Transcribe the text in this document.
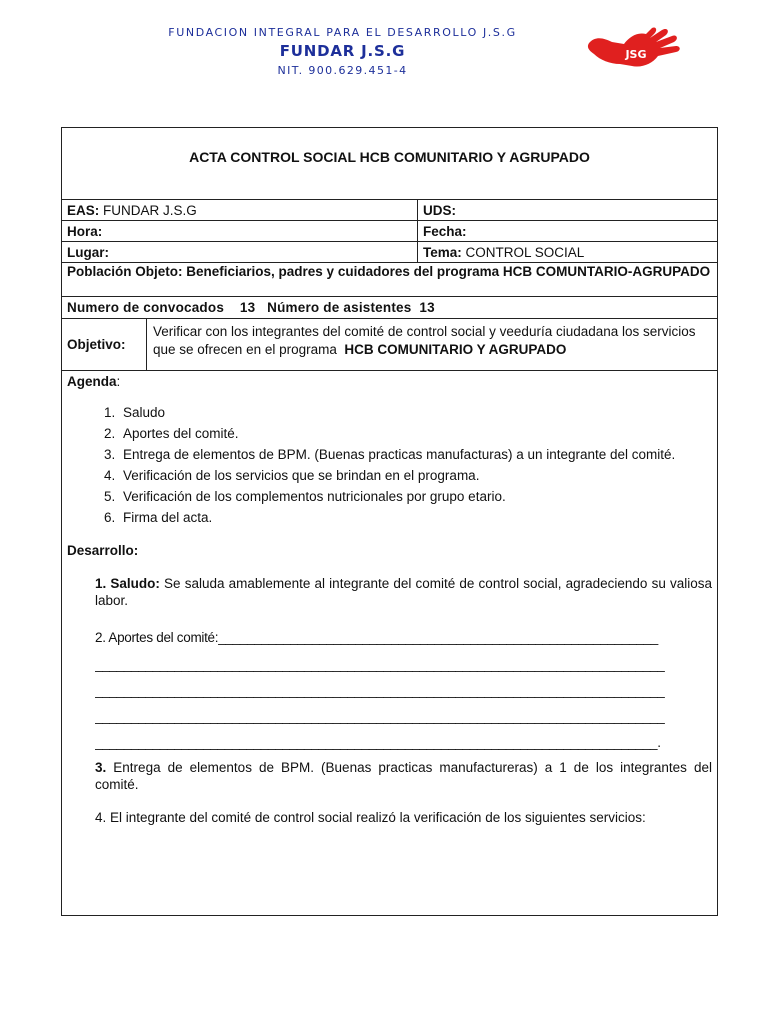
FUNDACION INTEGRAL PARA EL DESARROLLO J.S.G
FUNDAR J.S.G
NIT. 900.629.451-4
JSG
ACTA CONTROL SOCIAL HCB COMUNITARIO Y AGRUPADO
EAS: FUNDAR J.S.G	UDS:
Hora:	Fecha:
Lugar:	Tema: CONTROL SOCIAL
Población Objeto: Beneficiarios, padres y cuidadores del programa HCB COMUNTARIO-AGRUPADO
Numero de convocados 13 Número de asistentes 13
Objetivo:
Verificar con los integrantes del comité de control social y veeduría ciudadana los servicios que se ofrecen en el programa HCB COMUNITARIO Y AGRUPADO
Agenda:
1. Saludo
2. Aportes del comité.
3. Entrega de elementos de BPM. (Buenas practicas manufacturas) a un integrante del comité.
4. Verificación de los servicios que se brindan en el programa.
5. Verificación de los complementos nutricionales por grupo etario.
6. Firma del acta.
Desarrollo:
1. Saludo: Se saluda amablemente al integrante del comité de control social, agradeciendo su valiosa labor.
2. Aportes del comité:_____________________________________________________________
_______________________________________________________________________________
_______________________________________________________________________________
_______________________________________________________________________________
______________________________________________________________________________.
3. Entrega de elementos de BPM. (Buenas practicas manufactureras) a 1 de los integrantes del comité.
4. El integrante del comité de control social realizó la verificación de los siguientes servicios:
